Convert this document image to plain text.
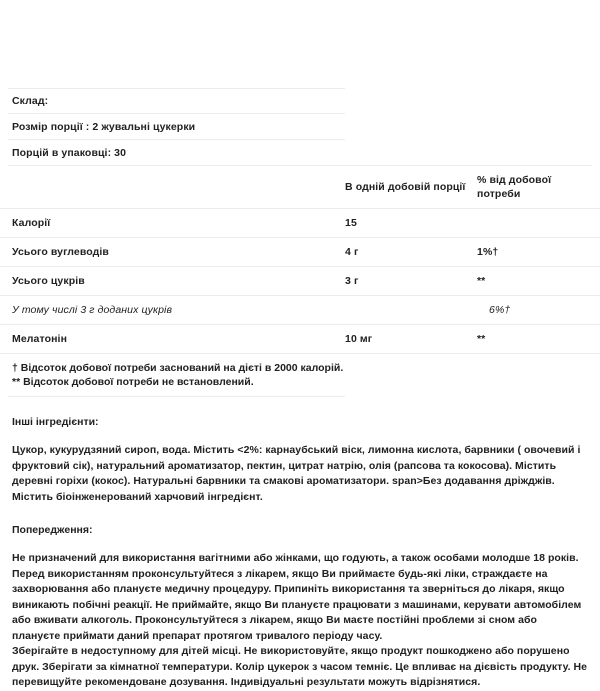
Склад:
Розмір порції : 2 жувальні цукерки
Порцій в упаковці: 30
	В одній добовій порції	% від добової потреби
Калорії	15	
Усього вуглеводів	4 г	1%†
Усього цукрів	3 г	**
У тому числі 3 г доданих цукрів		6%†
Мелатонін	10 мг	**
† Відсоток добової потреби заснований на дієті в 2000 калорій.
** Відсоток добової потреби не встановлений.
Інші інгредієнти:
Цукор, кукурудзяний сироп, вода. Містить <2%: карнаубський віск, лимонна кислота, барвники ( овочевий і фруктовий сік), натуральний ароматизатор, пектин, цитрат натрію, олія (рапсова та кокосова). Містить деревні горіхи (кокос). Натуральні барвники та смакові ароматизатори. span>Без додавання дріжджів. Містить біоінженерований харчовий інгредієнт.
Попередження:

Не призначений для використання вагітними або жінками, що годують, а також особами молодше 18 років. Перед використанням проконсультуйтеся з лікарем, якщо Ви приймаєте будь-які ліки, страждаєте на захворювання або плануєте медичну процедуру. Припиніть використання та зверніться до лікаря, якщо виникають побічні реакції. Не приймайте, якщо Ви плануєте працювати з машинами, керувати автомобілем або вживати алкоголь. Проконсультуйтеся з лікарем, якщо Ви маєте постійні проблеми зі сном або плануєте приймати даний препарат протягом тривалого періоду часу.

Зберігайте в недоступному для дітей місці. Не використовуйте, якщо продукт пошкоджено або порушено друк. Зберігати за кімнатної температури. Колір цукерок з часом темніє. Це впливає на дієвість продукту. Не перевищуйте рекомендоване дозування. Індивідуальні результати можуть відрізнятися.
